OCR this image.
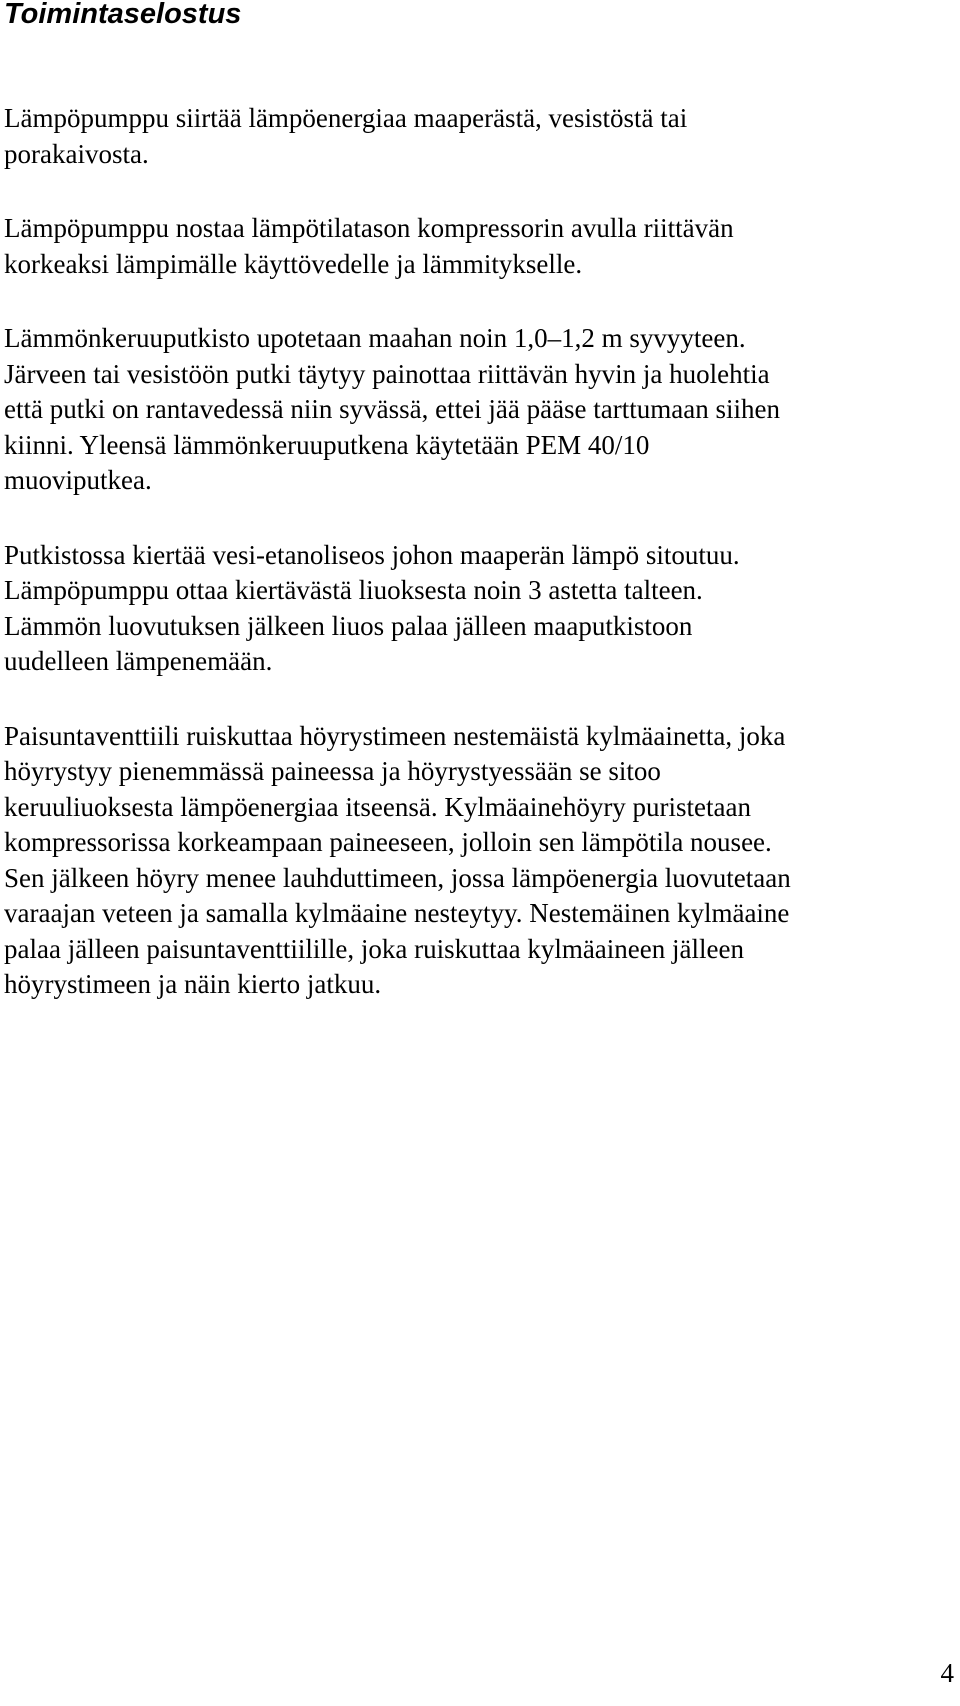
Toimintaselostus

Lämpöpumppu siirtää lämpöenergiaa maaperästä, vesistöstä tai
porakaivosta.

Lämpöpumppu nostaa lämpötilatason kompressorin avulla riittävän
korkeaksi lämpimälle käyttövedelle ja lämmitykselle.

Lämmönkeruuputkisto upotetaan maahan noin 1,0–1,2 m syvyyteen.
Järveen tai vesistöön putki täytyy painottaa riittävän hyvin ja huolehtia
että putki on rantavedessä niin syvässä, ettei jää pääse tarttumaan siihen
kiinni. Yleensä lämmönkeruuputkena käytetään PEM 40/10
muoviputkea.

Putkistossa kiertää vesi-etanoliseos johon maaperän lämpö sitoutuu.
Lämpöpumppu ottaa kiertävästä liuoksesta noin 3 astetta talteen.
Lämmön luovutuksen jälkeen liuos palaa jälleen maaputkistoon
uudelleen lämpenemään.

Paisuntaventtiili ruiskuttaa höyrystimeen nestemäistä kylmäainetta, joka
höyrystyy pienemmässä paineessa ja höyrystyessään se sitoo
keruuliuoksesta lämpöenergiaa itseensä. Kylmäainehöyry puristetaan
kompressorissa korkeampaan paineeseen, jolloin sen lämpötila nousee.
Sen jälkeen höyry menee lauhduttimeen, jossa lämpöenergia luovutetaan
varaajan veteen ja samalla kylmäaine nesteytyy. Nestemäinen kylmäaine
palaa jälleen paisuntaventtiilille, joka ruiskuttaa kylmäaineen jälleen
höyrystimeen ja näin kierto jatkuu.

4
